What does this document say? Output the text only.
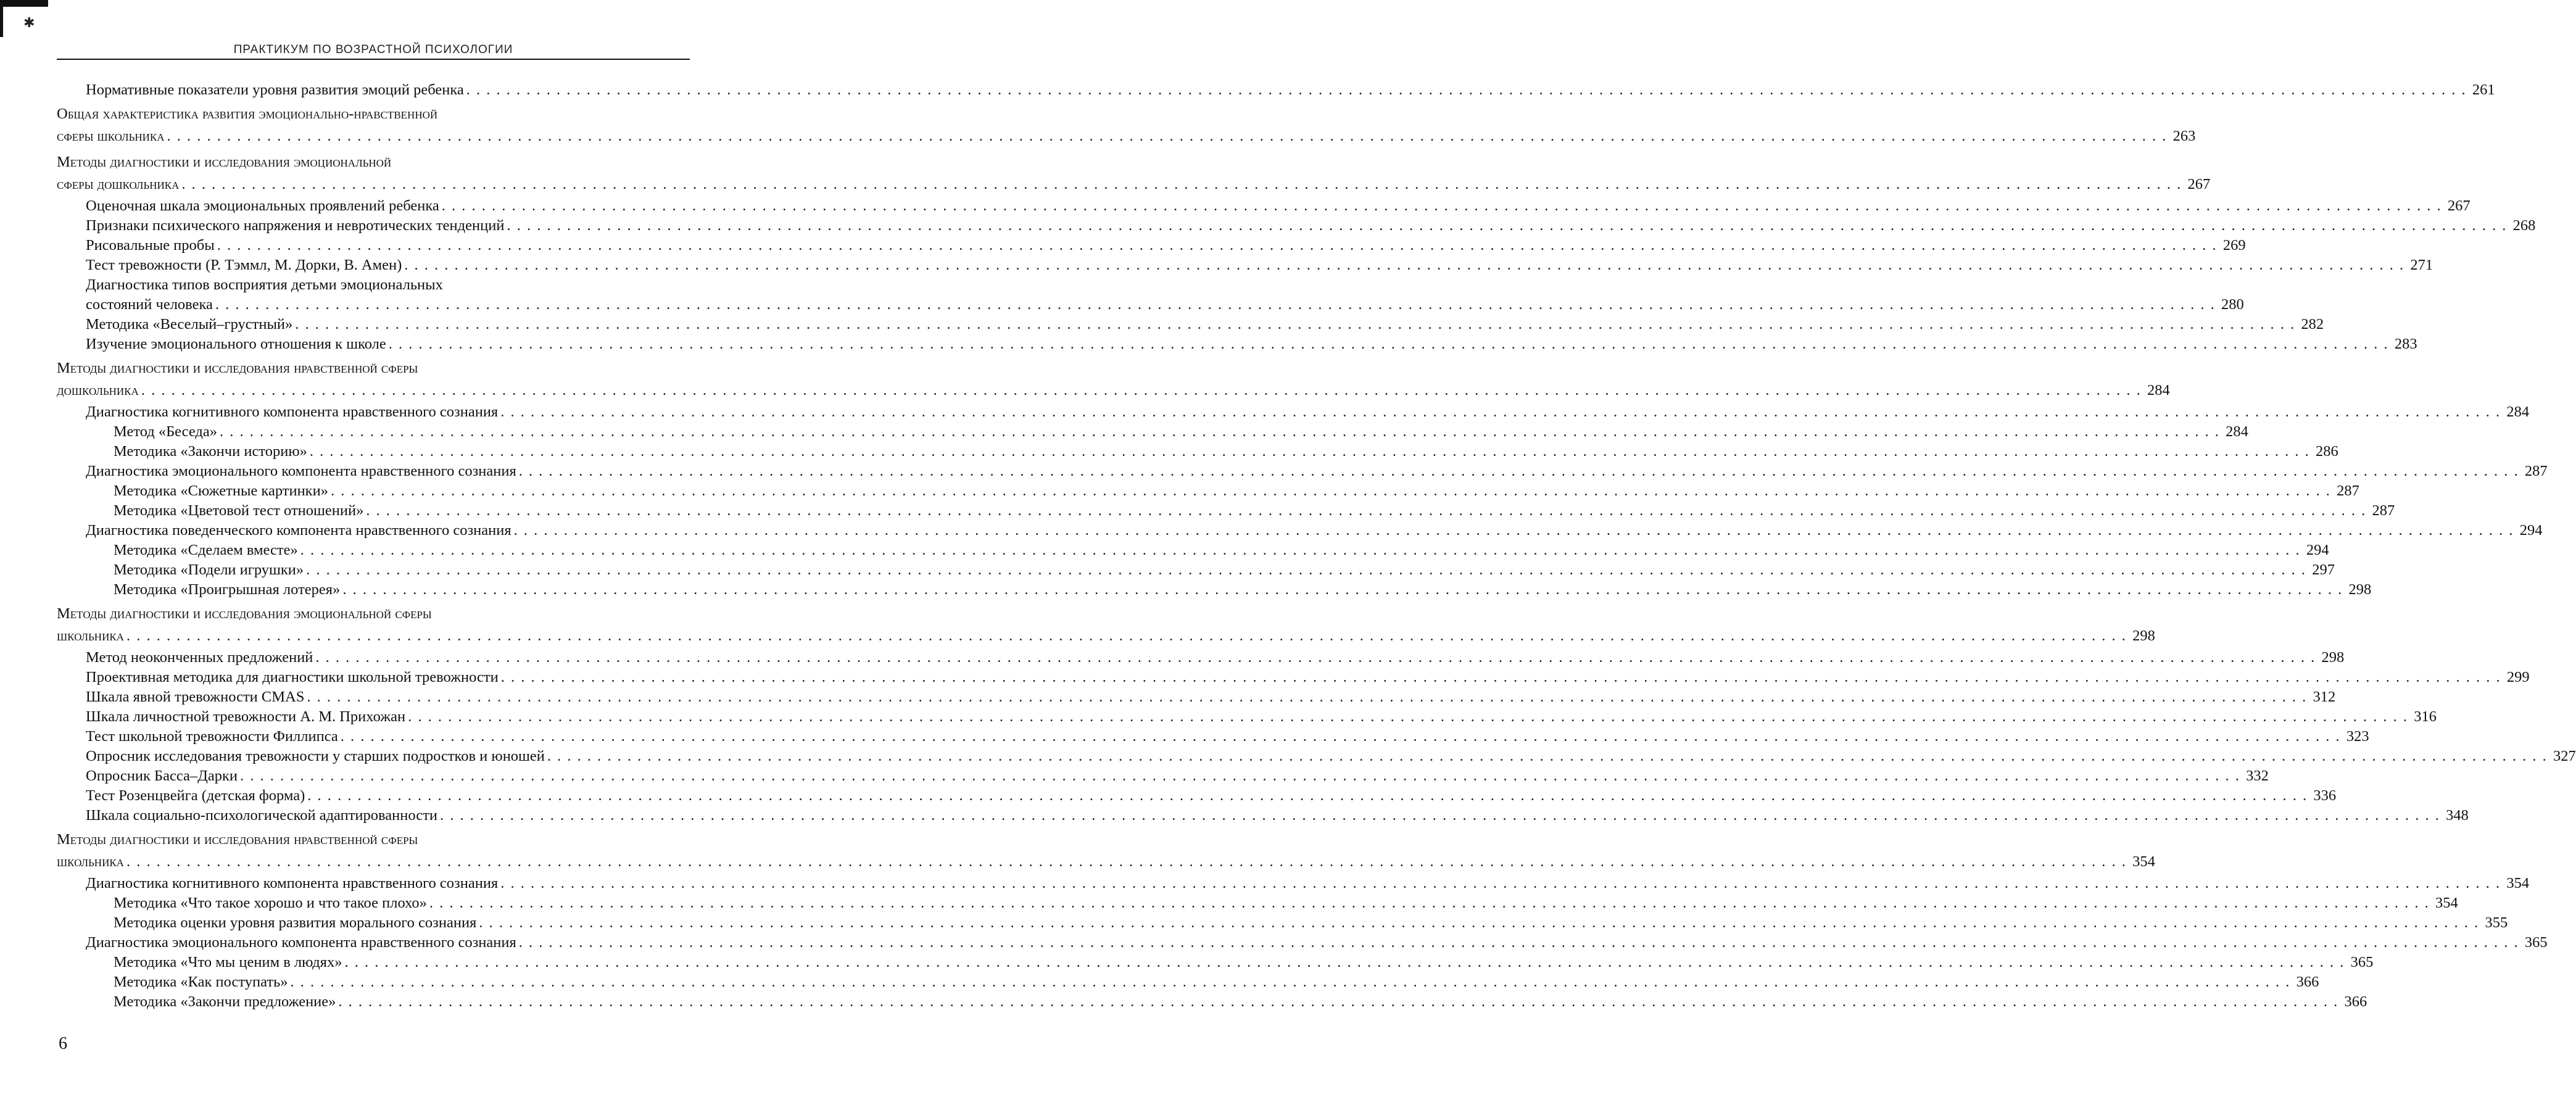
✱
ПРАКТИКУМ ПО ВОЗРАСТНОЙ ПСИХОЛОГИИ
Нормативные показатели уровня развития эмоций ребенка . . . . . . . . . . . . . . . . . . . . . . . . . . . . . . . . . . . . . . . . . . . . . . . . . . . . . . . . . . . . . . . . . . . . . . . . . . . . . . . . . . . . . . . . . . . . . . . . . . . . . . . . . . . . . . . . . . . . . . . . . . . . . . . . . . . . . . . . . . . . . . . . . . . . . . . . . . . . . . . . . . . . . . . . . . . . . . . . . . . . . . . . . . . . . . . . . . . . . . . . 261
Общая характеристика развития эмоционально-нравственной
сферы школьника . . . . . . . . . . . . . . . . . . . . . . . . . . . . . . . . . . . . . . . . . . . . . . . . . . . . . . . . . . . . . . . . . . . . . . . . . . . . . . . . . . . . . . . . . . . . . . . . . . . . . . . . . . . . . . . . . . . . . . . . . . . . . . . . . . . . . . . . . . . . . . . . . . . . . . . . . . . . . . . . . . . . . . . . . . . . . . . . . . . . . . . . . . . . . . . . . . . . . . . . 263
Методы диагностики и исследования эмоциональной
сферы дошкольника . . . . . . . . . . . . . . . . . . . . . . . . . . . . . . . . . . . . . . . . . . . . . . . . . . . . . . . . . . . . . . . . . . . . . . . . . . . . . . . . . . . . . . . . . . . . . . . . . . . . . . . . . . . . . . . . . . . . . . . . . . . . . . . . . . . . . . . . . . . . . . . . . . . . . . . . . . . . . . . . . . . . . . . . . . . . . . . . . . . . . . . . . . . . . . . . . . . . . . . . 267
Оценочная шкала эмоциональных проявлений ребенка . . . . . . . . . . . . . . . . . . . . . . . . . . . . . . . . . . . . . . . . . . . . . . . . . . . . . . . . . . . . . . . . . . . . . . . . . . . . . . . . . . . . . . . . . . . . . . . . . . . . . . . . . . . . . . . . . . . . . . . . . . . . . . . . . . . . . . . . . . . . . . . . . . . . . . . . . . . . . . . . . . . . . . . . . . . . . . . . . . . . . . . . . . . . . . . . . . . . . . . . 267
Признаки психического напряжения и невротических тенденций . . . . . . . . . . . . . . . . . . . . . . . . . . . . . . . . . . . . . . . . . . . . . . . . . . . . . . . . . . . . . . . . . . . . . . . . . . . . . . . . . . . . . . . . . . . . . . . . . . . . . . . . . . . . . . . . . . . . . . . . . . . . . . . . . . . . . . . . . . . . . . . . . . . . . . . . . . . . . . . . . . . . . . . . . . . . . . . . . . . . . . . . . . . . . . . . . . . . . . . . 268
Рисовальные пробы . . . . . . . . . . . . . . . . . . . . . . . . . . . . . . . . . . . . . . . . . . . . . . . . . . . . . . . . . . . . . . . . . . . . . . . . . . . . . . . . . . . . . . . . . . . . . . . . . . . . . . . . . . . . . . . . . . . . . . . . . . . . . . . . . . . . . . . . . . . . . . . . . . . . . . . . . . . . . . . . . . . . . . . . . . . . . . . . . . . . . . . . . . . . . . . . . . . . . . . . 269
Тест тревожности (Р. Тэммл, М. Дорки, В. Амен) . . . . . . . . . . . . . . . . . . . . . . . . . . . . . . . . . . . . . . . . . . . . . . . . . . . . . . . . . . . . . . . . . . . . . . . . . . . . . . . . . . . . . . . . . . . . . . . . . . . . . . . . . . . . . . . . . . . . . . . . . . . . . . . . . . . . . . . . . . . . . . . . . . . . . . . . . . . . . . . . . . . . . . . . . . . . . . . . . . . . . . . . . . . . . . . . . . . . . . . . 271
Диагностика типов восприятия детьми эмоциональных
состояний человека . . . . . . . . . . . . . . . . . . . . . . . . . . . . . . . . . . . . . . . . . . . . . . . . . . . . . . . . . . . . . . . . . . . . . . . . . . . . . . . . . . . . . . . . . . . . . . . . . . . . . . . . . . . . . . . . . . . . . . . . . . . . . . . . . . . . . . . . . . . . . . . . . . . . . . . . . . . . . . . . . . . . . . . . . . . . . . . . . . . . . . . . . . . . . . . . . . . . . . . . 280
Методика «Веселый–грустный» . . . . . . . . . . . . . . . . . . . . . . . . . . . . . . . . . . . . . . . . . . . . . . . . . . . . . . . . . . . . . . . . . . . . . . . . . . . . . . . . . . . . . . . . . . . . . . . . . . . . . . . . . . . . . . . . . . . . . . . . . . . . . . . . . . . . . . . . . . . . . . . . . . . . . . . . . . . . . . . . . . . . . . . . . . . . . . . . . . . . . . . . . . . . . . . . . . . . . . . . 282
Изучение эмоционального отношения к школе . . . . . . . . . . . . . . . . . . . . . . . . . . . . . . . . . . . . . . . . . . . . . . . . . . . . . . . . . . . . . . . . . . . . . . . . . . . . . . . . . . . . . . . . . . . . . . . . . . . . . . . . . . . . . . . . . . . . . . . . . . . . . . . . . . . . . . . . . . . . . . . . . . . . . . . . . . . . . . . . . . . . . . . . . . . . . . . . . . . . . . . . . . . . . . . . . . . . . . . . 283
Методы диагностики и исследования нравственной сферы
дошкольника . . . . . . . . . . . . . . . . . . . . . . . . . . . . . . . . . . . . . . . . . . . . . . . . . . . . . . . . . . . . . . . . . . . . . . . . . . . . . . . . . . . . . . . . . . . . . . . . . . . . . . . . . . . . . . . . . . . . . . . . . . . . . . . . . . . . . . . . . . . . . . . . . . . . . . . . . . . . . . . . . . . . . . . . . . . . . . . . . . . . . . . . . . . . . . . . . . . . . . . . 284
Диагностика когнитивного компонента нравственного сознания . . . . . . . . . . . . . . . . . . . . . . . . . . . . . . . . . . . . . . . . . . . . . . . . . . . . . . . . . . . . . . . . . . . . . . . . . . . . . . . . . . . . . . . . . . . . . . . . . . . . . . . . . . . . . . . . . . . . . . . . . . . . . . . . . . . . . . . . . . . . . . . . . . . . . . . . . . . . . . . . . . . . . . . . . . . . . . . . . . . . . . . . . . . . . . . . . . . . . . . . 284
Метод «Беседа» . . . . . . . . . . . . . . . . . . . . . . . . . . . . . . . . . . . . . . . . . . . . . . . . . . . . . . . . . . . . . . . . . . . . . . . . . . . . . . . . . . . . . . . . . . . . . . . . . . . . . . . . . . . . . . . . . . . . . . . . . . . . . . . . . . . . . . . . . . . . . . . . . . . . . . . . . . . . . . . . . . . . . . . . . . . . . . . . . . . . . . . . . . . . . . . . . . . . . . . . 284
Методика «Закончи историю» . . . . . . . . . . . . . . . . . . . . . . . . . . . . . . . . . . . . . . . . . . . . . . . . . . . . . . . . . . . . . . . . . . . . . . . . . . . . . . . . . . . . . . . . . . . . . . . . . . . . . . . . . . . . . . . . . . . . . . . . . . . . . . . . . . . . . . . . . . . . . . . . . . . . . . . . . . . . . . . . . . . . . . . . . . . . . . . . . . . . . . . . . . . . . . . . . . . . . . . . 286
Диагностика эмоционального компонента нравственного сознания . . . . . . . . . . . . . . . . . . . . . . . . . . . . . . . . . . . . . . . . . . . . . . . . . . . . . . . . . . . . . . . . . . . . . . . . . . . . . . . . . . . . . . . . . . . . . . . . . . . . . . . . . . . . . . . . . . . . . . . . . . . . . . . . . . . . . . . . . . . . . . . . . . . . . . . . . . . . . . . . . . . . . . . . . . . . . . . . . . . . . . . . . . . . . . . . . . . . . . . . 287
Методика «Сюжетные картинки» . . . . . . . . . . . . . . . . . . . . . . . . . . . . . . . . . . . . . . . . . . . . . . . . . . . . . . . . . . . . . . . . . . . . . . . . . . . . . . . . . . . . . . . . . . . . . . . . . . . . . . . . . . . . . . . . . . . . . . . . . . . . . . . . . . . . . . . . . . . . . . . . . . . . . . . . . . . . . . . . . . . . . . . . . . . . . . . . . . . . . . . . . . . . . . . . . . . . . . . . 287
Методика «Цветовой тест отношений» . . . . . . . . . . . . . . . . . . . . . . . . . . . . . . . . . . . . . . . . . . . . . . . . . . . . . . . . . . . . . . . . . . . . . . . . . . . . . . . . . . . . . . . . . . . . . . . . . . . . . . . . . . . . . . . . . . . . . . . . . . . . . . . . . . . . . . . . . . . . . . . . . . . . . . . . . . . . . . . . . . . . . . . . . . . . . . . . . . . . . . . . . . . . . . . . . . . . . . . . 287
Диагностика поведенческого компонента нравственного сознания . . . . . . . . . . . . . . . . . . . . . . . . . . . . . . . . . . . . . . . . . . . . . . . . . . . . . . . . . . . . . . . . . . . . . . . . . . . . . . . . . . . . . . . . . . . . . . . . . . . . . . . . . . . . . . . . . . . . . . . . . . . . . . . . . . . . . . . . . . . . . . . . . . . . . . . . . . . . . . . . . . . . . . . . . . . . . . . . . . . . . . . . . . . . . . . . . . . . . . . . 294
Методика «Сделаем вместе» . . . . . . . . . . . . . . . . . . . . . . . . . . . . . . . . . . . . . . . . . . . . . . . . . . . . . . . . . . . . . . . . . . . . . . . . . . . . . . . . . . . . . . . . . . . . . . . . . . . . . . . . . . . . . . . . . . . . . . . . . . . . . . . . . . . . . . . . . . . . . . . . . . . . . . . . . . . . . . . . . . . . . . . . . . . . . . . . . . . . . . . . . . . . . . . . . . . . . . . . 294
Методика «Подели игрушки» . . . . . . . . . . . . . . . . . . . . . . . . . . . . . . . . . . . . . . . . . . . . . . . . . . . . . . . . . . . . . . . . . . . . . . . . . . . . . . . . . . . . . . . . . . . . . . . . . . . . . . . . . . . . . . . . . . . . . . . . . . . . . . . . . . . . . . . . . . . . . . . . . . . . . . . . . . . . . . . . . . . . . . . . . . . . . . . . . . . . . . . . . . . . . . . . . . . . . . . . 297
Методика «Проигрышная лотерея» . . . . . . . . . . . . . . . . . . . . . . . . . . . . . . . . . . . . . . . . . . . . . . . . . . . . . . . . . . . . . . . . . . . . . . . . . . . . . . . . . . . . . . . . . . . . . . . . . . . . . . . . . . . . . . . . . . . . . . . . . . . . . . . . . . . . . . . . . . . . . . . . . . . . . . . . . . . . . . . . . . . . . . . . . . . . . . . . . . . . . . . . . . . . . . . . . . . . . . . . 298
Методы диагностики и исследования эмоциональной сферы
школьника . . . . . . . . . . . . . . . . . . . . . . . . . . . . . . . . . . . . . . . . . . . . . . . . . . . . . . . . . . . . . . . . . . . . . . . . . . . . . . . . . . . . . . . . . . . . . . . . . . . . . . . . . . . . . . . . . . . . . . . . . . . . . . . . . . . . . . . . . . . . . . . . . . . . . . . . . . . . . . . . . . . . . . . . . . . . . . . . . . . . . . . . . . . . . . . . . . . . . . . . 298
Метод неоконченных предложений . . . . . . . . . . . . . . . . . . . . . . . . . . . . . . . . . . . . . . . . . . . . . . . . . . . . . . . . . . . . . . . . . . . . . . . . . . . . . . . . . . . . . . . . . . . . . . . . . . . . . . . . . . . . . . . . . . . . . . . . . . . . . . . . . . . . . . . . . . . . . . . . . . . . . . . . . . . . . . . . . . . . . . . . . . . . . . . . . . . . . . . . . . . . . . . . . . . . . . . . 298
Проективная методика для диагностики школьной тревожности . . . . . . . . . . . . . . . . . . . . . . . . . . . . . . . . . . . . . . . . . . . . . . . . . . . . . . . . . . . . . . . . . . . . . . . . . . . . . . . . . . . . . . . . . . . . . . . . . . . . . . . . . . . . . . . . . . . . . . . . . . . . . . . . . . . . . . . . . . . . . . . . . . . . . . . . . . . . . . . . . . . . . . . . . . . . . . . . . . . . . . . . . . . . . . . . . . . . . . . . 299
Шкала явной тревожности CMAS . . . . . . . . . . . . . . . . . . . . . . . . . . . . . . . . . . . . . . . . . . . . . . . . . . . . . . . . . . . . . . . . . . . . . . . . . . . . . . . . . . . . . . . . . . . . . . . . . . . . . . . . . . . . . . . . . . . . . . . . . . . . . . . . . . . . . . . . . . . . . . . . . . . . . . . . . . . . . . . . . . . . . . . . . . . . . . . . . . . . . . . . . . . . . . . . . . . . . . . . 312
Шкала личностной тревожности А. М. Прихожан . . . . . . . . . . . . . . . . . . . . . . . . . . . . . . . . . . . . . . . . . . . . . . . . . . . . . . . . . . . . . . . . . . . . . . . . . . . . . . . . . . . . . . . . . . . . . . . . . . . . . . . . . . . . . . . . . . . . . . . . . . . . . . . . . . . . . . . . . . . . . . . . . . . . . . . . . . . . . . . . . . . . . . . . . . . . . . . . . . . . . . . . . . . . . . . . . . . . . . . . 316
Тест школьной тревожности Филлипса . . . . . . . . . . . . . . . . . . . . . . . . . . . . . . . . . . . . . . . . . . . . . . . . . . . . . . . . . . . . . . . . . . . . . . . . . . . . . . . . . . . . . . . . . . . . . . . . . . . . . . . . . . . . . . . . . . . . . . . . . . . . . . . . . . . . . . . . . . . . . . . . . . . . . . . . . . . . . . . . . . . . . . . . . . . . . . . . . . . . . . . . . . . . . . . . . . . . . . . . 323
Опросник исследования тревожности у старших подростков и юношей . . . . . . . . . . . . . . . . . . . . . . . . . . . . . . . . . . . . . . . . . . . . . . . . . . . . . . . . . . . . . . . . . . . . . . . . . . . . . . . . . . . . . . . . . . . . . . . . . . . . . . . . . . . . . . . . . . . . . . . . . . . . . . . . . . . . . . . . . . . . . . . . . . . . . . . . . . . . . . . . . . . . . . . . . . . . . . . . . . . . . . . . . . . . . . . . . . . . . . . . 327
Опросник Басса–Дарки . . . . . . . . . . . . . . . . . . . . . . . . . . . . . . . . . . . . . . . . . . . . . . . . . . . . . . . . . . . . . . . . . . . . . . . . . . . . . . . . . . . . . . . . . . . . . . . . . . . . . . . . . . . . . . . . . . . . . . . . . . . . . . . . . . . . . . . . . . . . . . . . . . . . . . . . . . . . . . . . . . . . . . . . . . . . . . . . . . . . . . . . . . . . . . . . . . . . . . . . 332
Тест Розенцвейга (детская форма) . . . . . . . . . . . . . . . . . . . . . . . . . . . . . . . . . . . . . . . . . . . . . . . . . . . . . . . . . . . . . . . . . . . . . . . . . . . . . . . . . . . . . . . . . . . . . . . . . . . . . . . . . . . . . . . . . . . . . . . . . . . . . . . . . . . . . . . . . . . . . . . . . . . . . . . . . . . . . . . . . . . . . . . . . . . . . . . . . . . . . . . . . . . . . . . . . . . . . . . . 336
Шкала социально-психологической адаптированности . . . . . . . . . . . . . . . . . . . . . . . . . . . . . . . . . . . . . . . . . . . . . . . . . . . . . . . . . . . . . . . . . . . . . . . . . . . . . . . . . . . . . . . . . . . . . . . . . . . . . . . . . . . . . . . . . . . . . . . . . . . . . . . . . . . . . . . . . . . . . . . . . . . . . . . . . . . . . . . . . . . . . . . . . . . . . . . . . . . . . . . . . . . . . . . . . . . . . . . . 348
Методы диагностики и исследования нравственной сферы
школьника . . . . . . . . . . . . . . . . . . . . . . . . . . . . . . . . . . . . . . . . . . . . . . . . . . . . . . . . . . . . . . . . . . . . . . . . . . . . . . . . . . . . . . . . . . . . . . . . . . . . . . . . . . . . . . . . . . . . . . . . . . . . . . . . . . . . . . . . . . . . . . . . . . . . . . . . . . . . . . . . . . . . . . . . . . . . . . . . . . . . . . . . . . . . . . . . . . . . . . . . 354
Диагностика когнитивного компонента нравственного сознания . . . . . . . . . . . . . . . . . . . . . . . . . . . . . . . . . . . . . . . . . . . . . . . . . . . . . . . . . . . . . . . . . . . . . . . . . . . . . . . . . . . . . . . . . . . . . . . . . . . . . . . . . . . . . . . . . . . . . . . . . . . . . . . . . . . . . . . . . . . . . . . . . . . . . . . . . . . . . . . . . . . . . . . . . . . . . . . . . . . . . . . . . . . . . . . . . . . . . . . . 354
Методика «Что такое хорошо и что такое плохо» . . . . . . . . . . . . . . . . . . . . . . . . . . . . . . . . . . . . . . . . . . . . . . . . . . . . . . . . . . . . . . . . . . . . . . . . . . . . . . . . . . . . . . . . . . . . . . . . . . . . . . . . . . . . . . . . . . . . . . . . . . . . . . . . . . . . . . . . . . . . . . . . . . . . . . . . . . . . . . . . . . . . . . . . . . . . . . . . . . . . . . . . . . . . . . . . . . . . . . . . 354
Методика оценки уровня развития морального сознания . . . . . . . . . . . . . . . . . . . . . . . . . . . . . . . . . . . . . . . . . . . . . . . . . . . . . . . . . . . . . . . . . . . . . . . . . . . . . . . . . . . . . . . . . . . . . . . . . . . . . . . . . . . . . . . . . . . . . . . . . . . . . . . . . . . . . . . . . . . . . . . . . . . . . . . . . . . . . . . . . . . . . . . . . . . . . . . . . . . . . . . . . . . . . . . . . . . . . . . . 355
Диагностика эмоционального компонента нравственного сознания . . . . . . . . . . . . . . . . . . . . . . . . . . . . . . . . . . . . . . . . . . . . . . . . . . . . . . . . . . . . . . . . . . . . . . . . . . . . . . . . . . . . . . . . . . . . . . . . . . . . . . . . . . . . . . . . . . . . . . . . . . . . . . . . . . . . . . . . . . . . . . . . . . . . . . . . . . . . . . . . . . . . . . . . . . . . . . . . . . . . . . . . . . . . . . . . . . . . . . . . 365
Методика «Что мы ценим в людях» . . . . . . . . . . . . . . . . . . . . . . . . . . . . . . . . . . . . . . . . . . . . . . . . . . . . . . . . . . . . . . . . . . . . . . . . . . . . . . . . . . . . . . . . . . . . . . . . . . . . . . . . . . . . . . . . . . . . . . . . . . . . . . . . . . . . . . . . . . . . . . . . . . . . . . . . . . . . . . . . . . . . . . . . . . . . . . . . . . . . . . . . . . . . . . . . . . . . . . . . 365
Методика «Как поступать» . . . . . . . . . . . . . . . . . . . . . . . . . . . . . . . . . . . . . . . . . . . . . . . . . . . . . . . . . . . . . . . . . . . . . . . . . . . . . . . . . . . . . . . . . . . . . . . . . . . . . . . . . . . . . . . . . . . . . . . . . . . . . . . . . . . . . . . . . . . . . . . . . . . . . . . . . . . . . . . . . . . . . . . . . . . . . . . . . . . . . . . . . . . . . . . . . . . . . . . . 366
Методика «Закончи предложение» . . . . . . . . . . . . . . . . . . . . . . . . . . . . . . . . . . . . . . . . . . . . . . . . . . . . . . . . . . . . . . . . . . . . . . . . . . . . . . . . . . . . . . . . . . . . . . . . . . . . . . . . . . . . . . . . . . . . . . . . . . . . . . . . . . . . . . . . . . . . . . . . . . . . . . . . . . . . . . . . . . . . . . . . . . . . . . . . . . . . . . . . . . . . . . . . . . . . . . . . 366
6
